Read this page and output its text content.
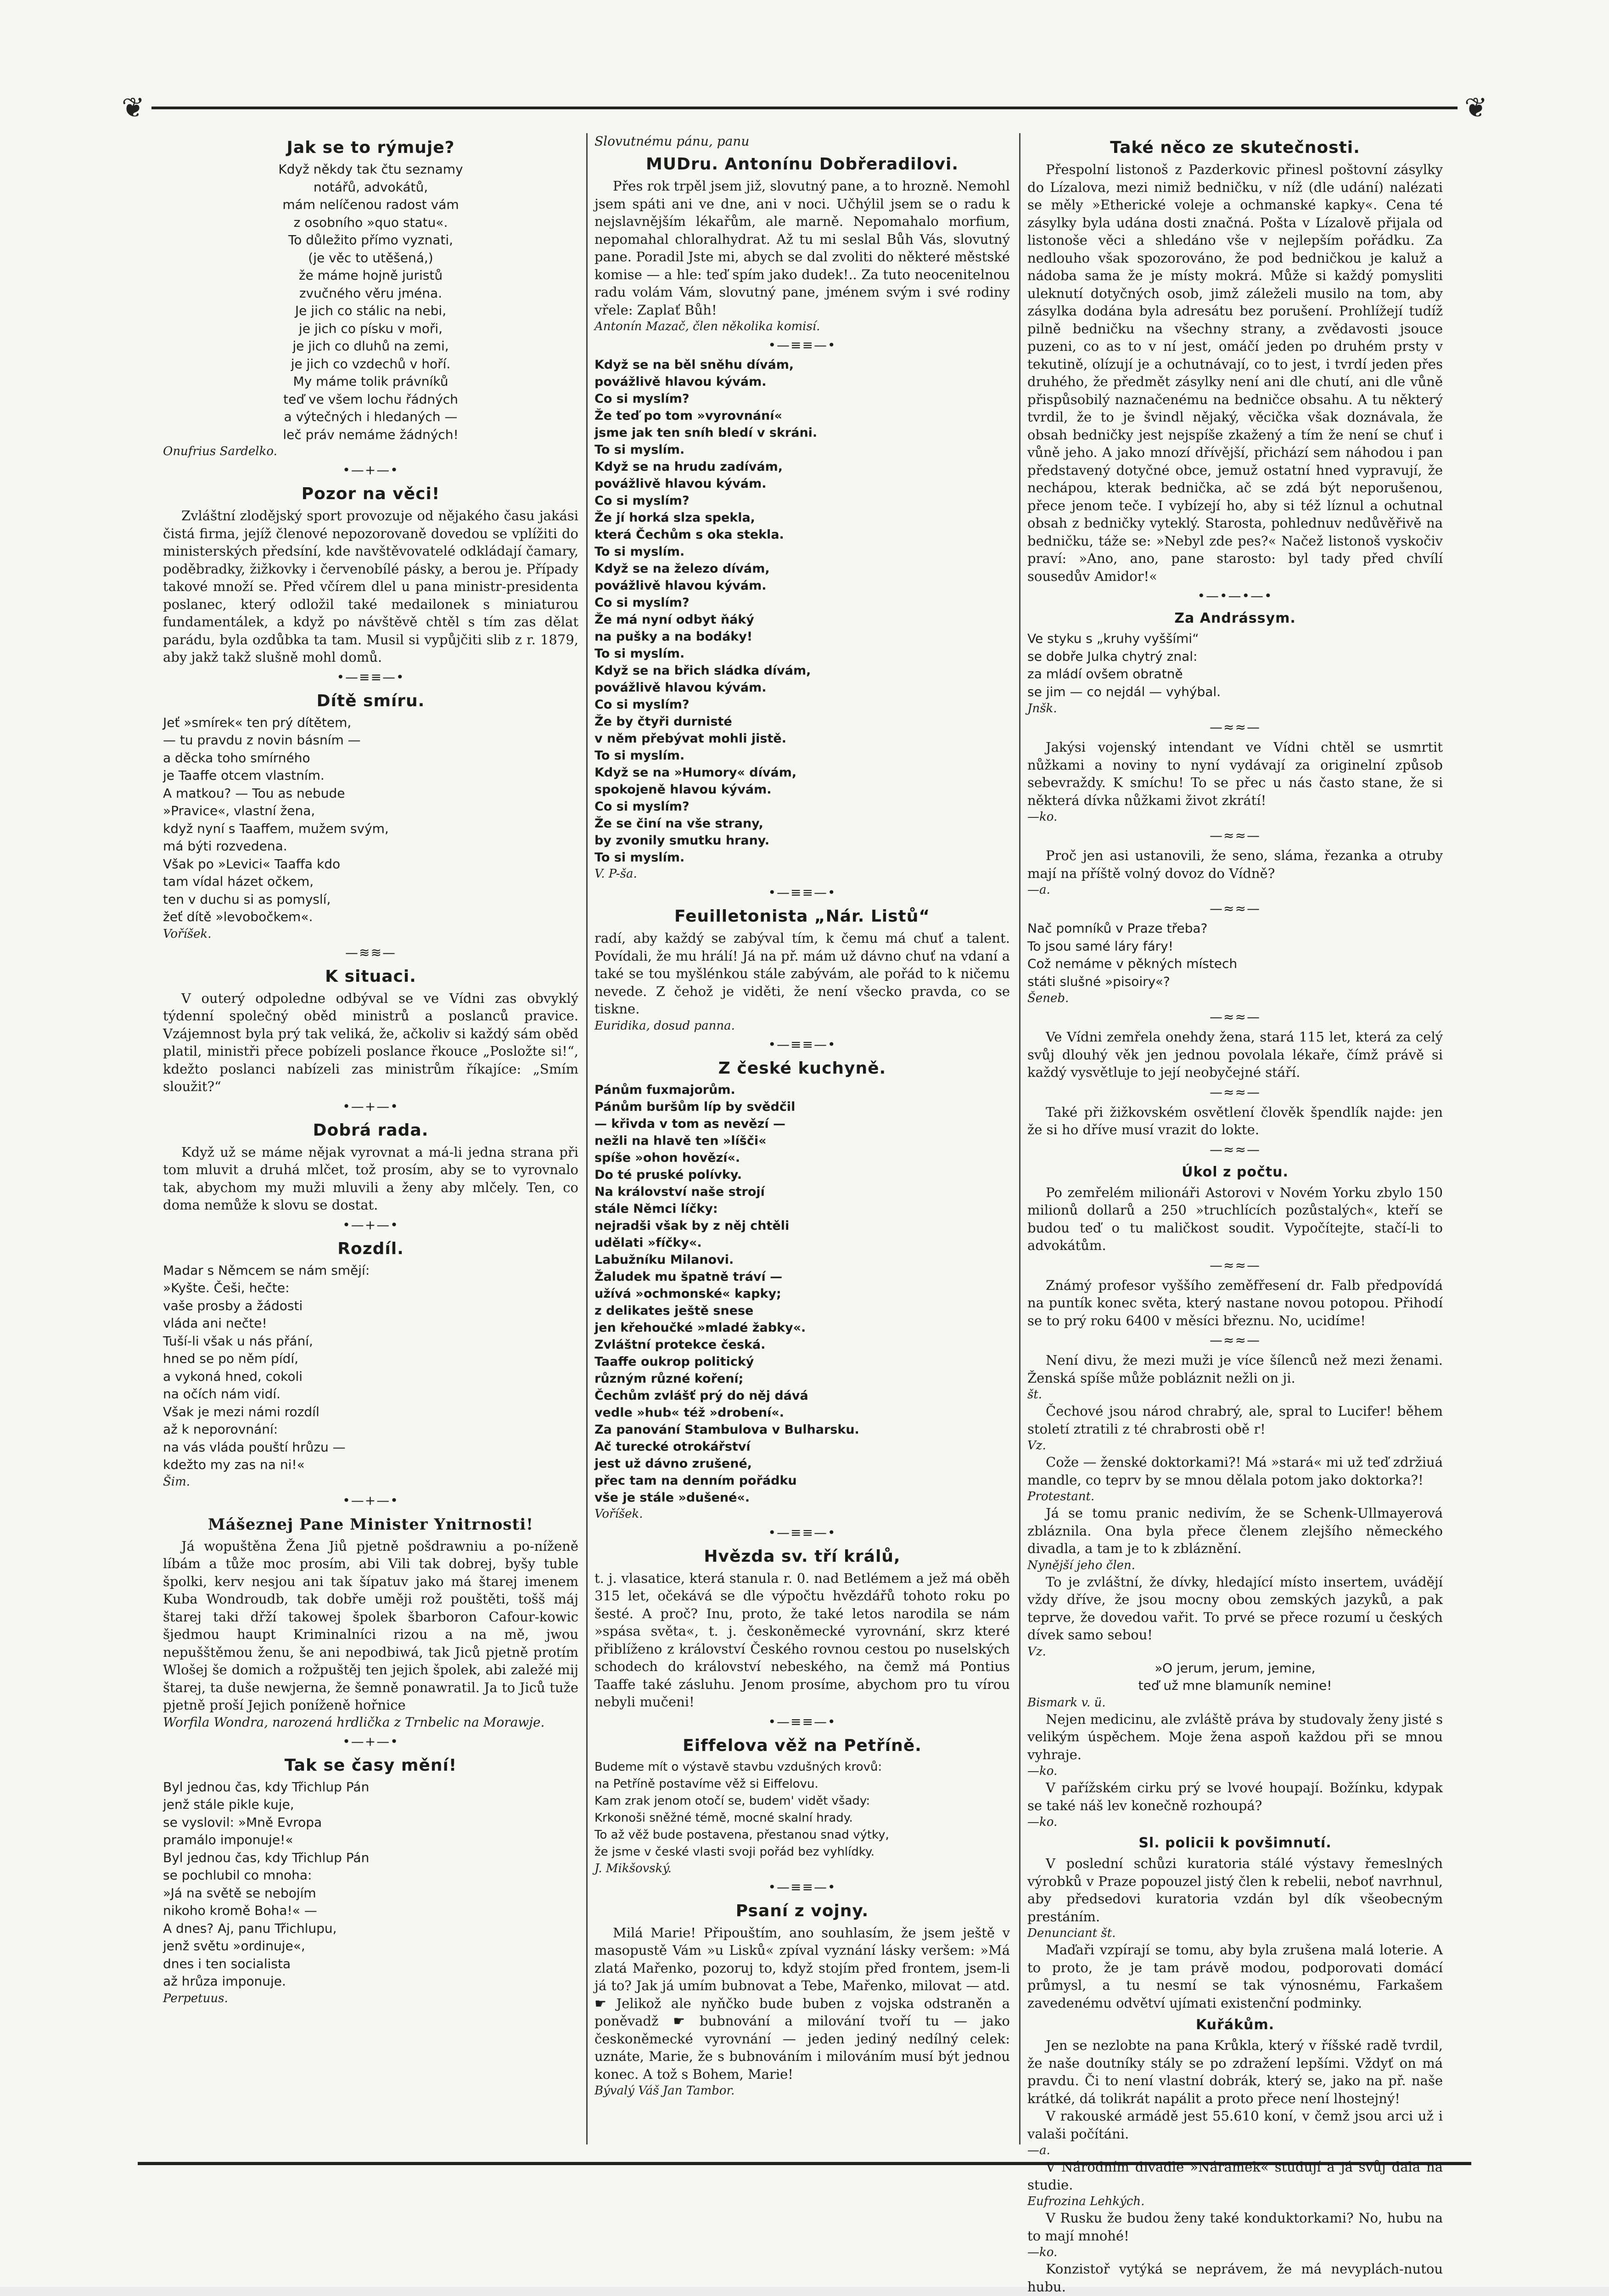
❦	❦
Jak se to rýmuje?
Když někdy tak čtu seznamy
notářů, advokátů,
mám nelíčenou radost vám
z osobního »quo statu«.
To důležito přímo vyznati,
(je věc to utěšená,)
že máme hojně juristů
zvučného věru jména.
Je jich co stálic na nebi,
je jich co písku v moři,
je jich co dluhů na zemi,
je jich co vzdechů v hoří.
My máme tolik právníků
teď ve všem lochu řádných
a výtečných i hledaných —
leč práv nemáme žádných!

Onufrius Sardelko.

•—+—•
Pozor na věci!

Zvláštní zlodějský sport provozuje od nějakého času jakási čistá firma, jejíž členové nepozorovaně dovedou se vplížiti do ministerských předsíní, kde navštěvovatelé odkládají čamary, poděbradky, žižkovky i červenobílé pásky, a berou je. Případy takové množí se. Před včírem dlel u pana ministr-presidenta poslanec, který odložil také medailonek s miniaturou fundamentálek, a když po návštěvě chtěl s tím zas dělat parádu, byla ozdůbka ta tam. Musil si vypůjčiti slib z r. 1879, aby jakž takž slušně mohl domů.

•—≡≡—•
Dítě smíru.
Jeť »smírek« ten prý dítětem,
— tu pravdu z novin básním —
a děcka toho smírného
je Taaffe otcem vlastním.
A matkou? — Tou as nebude
»Pravice«, vlastní žena,
když nyní s Taaffem, mužem svým,
má býti rozvedena.
Však po »Levici« Taaffa kdo
tam vídal házet očkem,
ten v duchu si as pomyslí,
žeť dítě »levobočkem«.

Voříšek.

—≋≋—
K situaci.

V outerý odpoledne odbýval se ve Vídni zas obvyklý týdenní společný oběd ministrů a poslanců pravice. Vzájemnost byla prý tak veliká, že, ačkoliv si každý sám oběd platil, ministři přece pobízeli poslance řkouce „Posložte si!“, kdežto poslanci nabízeli zas ministrům říkajíce: „Smím sloužit?“

•—+—•
Dobrá rada.

Když už se máme nějak vyrovnat a má-li jedna strana při tom mluvit a druhá mlčet, tož prosím, aby se to vyrovnalo tak, abychom my muži mluvili a ženy aby mlčely. Ten, co doma nemůže k slovu se dostat.

•—+—•
Rozdíl.
Madar s Němcem se nám smějí:
»Kyšte. Češi, hečte:
vaše prosby a žádosti
vláda ani nečte!
Tuší-li však u nás přání,
hned se po něm pídí,
a vykoná hned, cokoli
na očích nám vidí.
Však je mezi námi rozdíl
až k neporovnání:
na vás vláda pouští hrůzu —
kdežto my zas na ni!«

Šim.

•—+—•
Mášeznej Pane Minister Ynitrnosti!

Já wopuštěna Žena Jiů pjetně pošdrawniu a po-níženě líbám a tůže moc prosím, abi Vili tak dobrej, byšy tuble špolki, kerv nesjou ani tak šípatuv jako má štarej imenem Kuba Wondroudb, tak dobře uměji rož pouštěti, tošš máj štarej taki dřží takowej špolek šbarboron Cafour-kowic šjedmou haupt Kriminalníci rizou a na mě, jwou nepušštěmou ženu, še ani nepodbiwá, tak Jiců pjetně protím Wlošej še domich a rožpuštěj ten jejich špolek, abi zaležé mij štarej, ta duše newjerna, že šemně ponawratil. Ja to Jiců tuže pjetně proší Jejich poníženě hořnice

Worfila Wondra, narozená hrdlička z Trnbelic na Morawje.

•—+—•
Tak se časy mění!
Byl jednou čas, kdy Třichlup Pán
jenž stále pikle kuje,
se vyslovil: »Mně Evropa
pramálo imponuje!«
Byl jednou čas, kdy Třichlup Pán
se pochlubil co mnoha:
»Já na světě se nebojím
nikoho kromě Boha!« —
A dnes? Aj, panu Třichlupu,
jenž světu »ordinuje«,
dnes i ten socialista
až hrůza imponuje.

Perpetuus.

Slovutnému pánu, panu

MUDru. Antonínu Dobřeradilovi.

Přes rok trpěl jsem již, slovutný pane, a to hrozně. Nemohl jsem spáti ani ve dne, ani v noci. Učhýlil jsem se o radu k nejslavnějším lékařům, ale marně. Nepomahalo morfium, nepomahal chloralhydrat. Až tu mi seslal Bůh Vás, slovutný pane. Poradil Jste mi, abych se dal zvoliti do některé městské komise — a hle: teď spím jako dudek!.. Za tuto neocenitelnou radu volám Vám, slovutný pane, jménem svým i své rodiny vřele: Zaplať Bůh!

Antonín Mazač, člen několika komisí.

•—≡≡—•
Když se na běl sněhu dívám,
povážlivě hlavou kývám.
Co si myslím?
Že teď po tom »vyrovnání«
jsme jak ten sníh bledí v skráni.
To si myslím.
Když se na hrudu zadívám,
povážlivě hlavou kývám.
Co si myslím?
Že jí horká slza spekla,
která Čechům s oka stekla.
To si myslím.
Když se na železo dívám,
povážlivě hlavou kývám.
Co si myslím?
Že má nyní odbyt ňáký
na pušky a na bodáky!
To si myslím.
Když se na břich sládka dívám,
povážlivě hlavou kývám.
Co si myslím?
Že by čtyři durnisté
v něm přebývat mohli jistě.
To si myslím.
Když se na »Humory« dívám,
spokojeně hlavou kývám.
Co si myslím?
Že se činí na vše strany,
by zvonily smutku hrany.
To si myslím.

V. P-ša.

•—≡≡—•
Feuilletonista „Nár. Listů“

radí, aby každý se zabýval tím, k čemu má chuť a talent. Povídali, že mu hrálí! Já na př. mám už dávno chuť na vdaní a také se tou myšlénkou stále zabývám, ale pořád to k ničemu nevede. Z čehož je viděti, že není všecko pravda, co se tiskne.

Euridika, dosud panna.

•—≡≡—•
Z české kuchyně.
Pánům fuxmajorům.
Pánům buršům líp by svědčil
— křivda v tom as nevězí —
nežli na hlavě ten »líšči«
spíše »ohon hovězí«.
Do té pruské polívky.
Na království naše strojí
stále Němci líčky:
nejradši však by z něj chtěli
udělati »fíčky«.
Labužníku Milanovi.
Žaludek mu špatně tráví —
užívá »ochmonské« kapky;
z delikates ještě snese
jen křehoučké »mladé žabky«.
Zvláštní protekce česká.
Taaffe oukrop politický
různým různé koření;
Čechům zvlášť prý do něj dává
vedle »hub« též »drobení«.
Za panování Stambulova v Bulharsku.
Ač turecké otrokářství
jest už dávno zrušené,
přec tam na denním pořádku
vše je stále »dušené«.

Voříšek.

•—≡≡—•
Hvězda sv. tří králů,

t. j. vlasatice, která stanula r. 0. nad Betlémem a jež má oběh 315 let, očekává se dle výpočtu hvězdářů tohoto roku po šesté. A proč? Inu, proto, že také letos narodila se nám »spása světa«, t. j. českoněmecké vyrovnání, skrz které přiblíženo z království Českého rovnou cestou po nuselských schodech do království nebeského, na čemž má Pontius Taaffe také zásluhu. Jenom prosíme, abychom pro tu vírou nebyli mučeni!

•—≡≡—•
Eiffelova věž na Petříně.
Budeme mít o výstavě stavbu vzdušných krovů:
na Petříně postavíme věž si Eiffelovu.
Kam zrak jenom otočí se, budem' vidět všady:
Krkonoši sněžné témě, mocné skalní hrady.
To až věž bude postavena, přestanou snad výtky,
že jsme v české vlasti svoji pořád bez vyhlídky.

J. Mikšovský.

•—≡≡—•
Psaní z vojny.

Milá Marie! Připouštím, ano souhlasím, že jsem ještě v masopustě Vám »u Lisků« zpíval vyznání lásky veršem: »Má zlatá Mařenko, pozoruj to, když stojím před frontem, jsem-li já to? Jak já umím bubnovat a Tebe, Mařenko, milovat — atd. ☛ Jelikož ale nyňčko bude buben z vojska odstraněn a poněvadž ☛ bubnování a milování tvoří tu — jako českoněmecké vyrovnání — jeden jediný nedílný celek: uznáte, Marie, že s bubnováním i milováním musí být jednou konec. A tož s Bohem, Marie!

Bývalý Váš Jan Tambor.

Také něco ze skutečnosti.

Přespolní listonoš z Pazderkovic přinesl poštovní zásylky do Lízalova, mezi nimiž bedničku, v níž (dle udání) nalézati se měly »Etherické voleje a ochmanské kapky«. Cena té zásylky byla udána dosti značná. Pošta v Lízalově přijala od listonoše věci a shledáno vše v nejlepším pořádku. Za nedlouho však spozorováno, že pod bedničkou je kaluž a nádoba sama že je místy mokrá. Může si každý pomysliti uleknutí dotyčných osob, jimž záleželi musilo na tom, aby zásylka dodána byla adresátu bez porušení. Prohlížejí tudíž pilně bedničku na všechny strany, a zvědavosti jsouce puzeni, co as to v ní jest, omáčí jeden po druhém prsty v tekutině, olízují je a ochutnávají, co to jest, i tvrdí jeden přes druhého, že předmět zásylky není ani dle chutí, ani dle vůně přispůsobilý naznačenému na bedničce obsahu. A tu některý tvrdil, že to je švindl nějaký, věcička však doznávala, že obsah bedničky jest nejspíše zkažený a tím že není se chuť i vůně jeho. A jako mnozí dřívější, přichází sem náhodou i pan představený dotyčné obce, jemuž ostatní hned vypravují, že nechápou, kterak bednička, ač se zdá být neporušenou, přece jenom teče. I vybízejí ho, aby si též líznul a ochutnal obsah z bedničky vyteklý. Starosta, pohlednuv nedůvěřivě na bedničku, táže se: »Nebyl zde pes?« Načež listonoš vyskočiv praví: »Ano, ano, pane starosto: byl tady před chvílí sousedův Amidor!«

•—•—•—•
Za Andrássym.
Ve styku s „kruhy vyššími“
se dobře Julka chytrý znal:
za mládí ovšem obratně
se jim — co nejdál — vyhýbal.

Jnšk.

—≈≈—

Jakýsi vojenský intendant ve Vídni chtěl se usmrtit nůžkami a noviny to nyní vydávají za originelní způsob sebevraždy. K smíchu! To se přec u nás často stane, že si některá dívka nůžkami život zkrátí!

—ko.

—≈≈—

Proč jen asi ustanovili, že seno, sláma, řezanka a otruby mají na příště volný dovoz do Vídně?

—a.

—≈≈—
Nač pomníků v Praze třeba?
To jsou samé láry fáry!
Což nemáme v pěkných místech
státi slušné »pisoiry«?

Šeneb.

—≈≈—

Ve Vídni zemřela onehdy žena, stará 115 let, která za celý svůj dlouhý věk jen jednou povolala lékaře, čímž právě si každý vysvětluje to její neobyčejné stáří.

—≈≈—

Také při žižkovském osvětlení člověk špendlík najde: jen že si ho dříve musí vrazit do lokte.

—≈≈—
Úkol z počtu.

Po zemřelém milionáři Astorovi v Novém Yorku zbylo 150 milionů dollarů a 250 »truchlících pozůstalých«, kteří se budou teď o tu maličkost soudit. Vypočítejte, stačí-li to advokátům.

—≈≈—

Známý profesor vyššího zeměfřesení dr. Falb předpovídá na puntík konec světa, který nastane novou potopou. Přihodí se to prý roku 6400 v měsíci březnu. No, ucidíme!

—≈≈—

Není divu, že mezi muži je více šílenců než mezi ženami. Ženská spíše může pobláznit nežli on ji.

št.

Čechové jsou národ chrabrý, ale, spral to Lucifer! během století ztratili z té chrabrosti obě r!

Vz.

Cože — ženské doktorkami?! Má »stará« mi už teď zdržiuá mandle, co teprv by se mnou dělala potom jako doktorka?!

Protestant.

Já se tomu pranic nedivím, že se Schenk-Ullmayerová zbláznila. Ona byla přece členem zlejšího německého divadla, a tam je to k zbláznění.

Nynější jeho člen.

To je zvláštní, že dívky, hledající místo insertem, uvádějí vždy dříve, že jsou mocny obou zemských jazyků, a pak teprve, že dovedou vařit. To prvé se přece rozumí u českých dívek samo sebou!

Vz.

»O jerum, jerum, jemine,
teď už mne blamuník nemine!

Bismark v. ü.

Nejen medicinu, ale zvláště práva by studovaly ženy jisté s velikým úspěchem. Moje žena aspoň každou při se mnou vyhraje.

—ko.

V pařížském cirku prý se lvové houpají. Božínku, kdypak se také náš lev konečně rozhoupá?

—ko.

Sl. policii k povšimnutí.

V poslední schůzi kuratoria stálé výstavy řemeslných výrobků v Praze popouzel jistý člen k rebelii, neboť navrhnul, aby předsedovi kuratoria vzdán byl dík všeobecným prestáním.

Denunciant št.

Maďaři vzpírají se tomu, aby byla zrušena malá loterie. A to proto, že je tam právě modou, podporovati domácí průmysl, a tu nesmí se tak výnosnému, Farkašem zavedenému odvětví ujímati existenční podminky.

Kuřákům.

Jen se nezlobte na pana Krůkla, který v říšské radě tvrdil, že naše doutníky stály se po zdražení lepšími. Vždyť on má pravdu. Či to není vlastní dobrák, který se, jako na př. naše krátké, dá tolikrát napálit a proto přece není lhostejný!

V rakouské armádě jest 55.610 koní, v čemž jsou arci už i valaši počítáni.

—a.

V Národním divadle »Náramek« studují a já svůj dala na studie.

Eufrozina Lehkých.

V Rusku že budou ženy také konduktorkami? No, hubu na to mají mnohé!

—ko.

Konzistoř vytýká se neprávem, že má nevyplách-nutou hubu.
